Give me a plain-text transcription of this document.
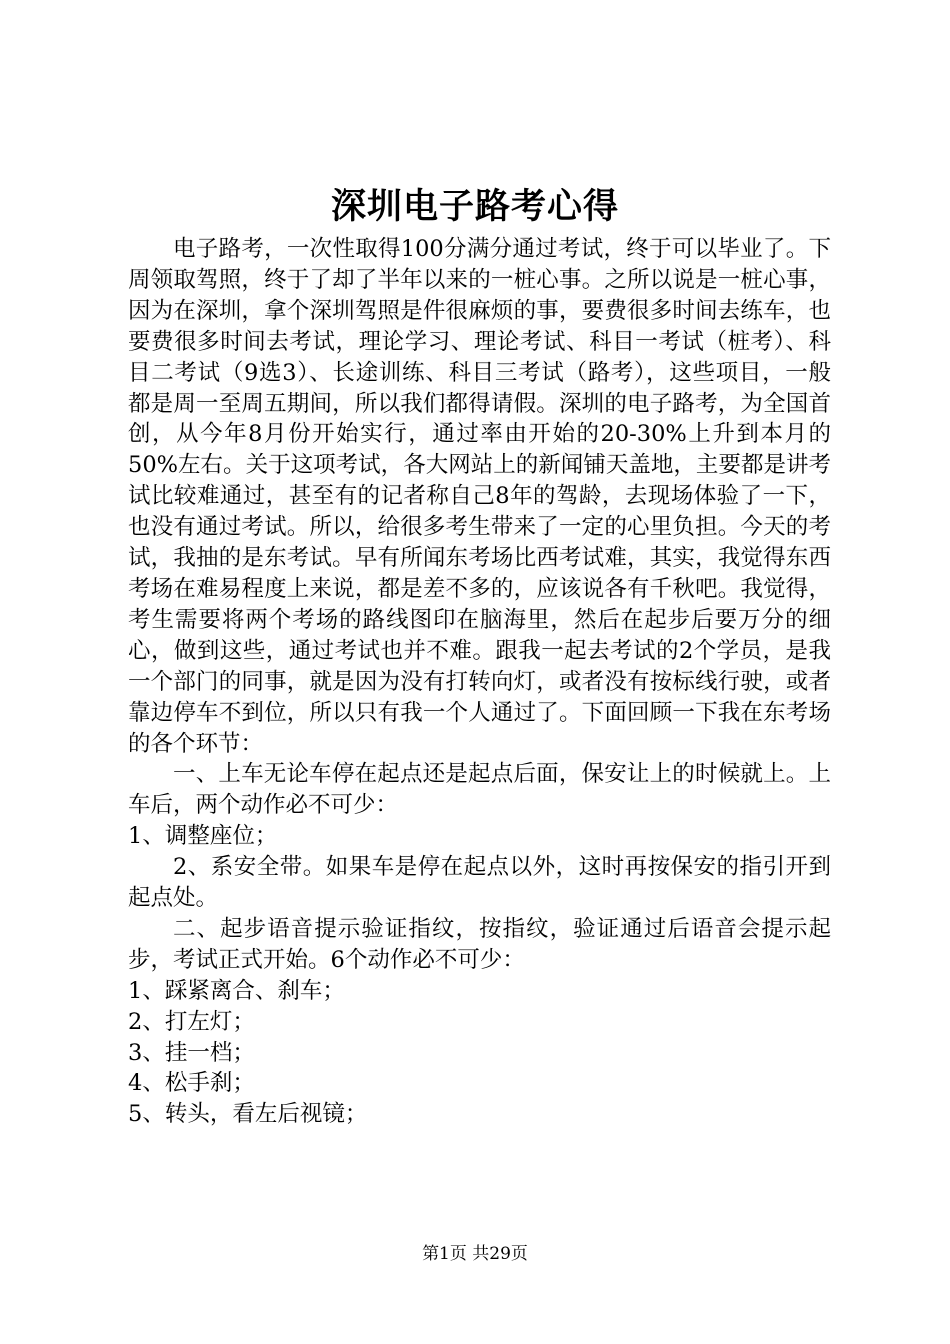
深圳电子路考心得

电子路考，一次性取得100分满分通过考试，终于可以毕业了。下周领取驾照，终于了却了半年以来的一桩心事。之所以说是一桩心事，因为在深圳，拿个深圳驾照是件很麻烦的事，要费很多时间去练车，也要费很多时间去考试，理论学习、理论考试、科目一考试（桩考）、科目二考试（9选3）、长途训练、科目三考试（路考），这些项目，一般都是周一至周五期间，所以我们都得请假。深圳的电子路考，为全国首创，从今年8月份开始实行，通过率由开始的20-30%上升到本月的50%左右。关于这项考试，各大网站上的新闻铺天盖地，主要都是讲考试比较难通过，甚至有的记者称自己8年的驾龄，去现场体验了一下，也没有通过考试。所以，给很多考生带来了一定的心里负担。今天的考试，我抽的是东考试。早有所闻东考场比西考试难，其实，我觉得东西考场在难易程度上来说，都是差不多的，应该说各有千秋吧。我觉得，考生需要将两个考场的路线图印在脑海里，然后在起步后要万分的细心，做到这些，通过考试也并不难。跟我一起去考试的2个学员，是我一个部门的同事，就是因为没有打转向灯，或者没有按标线行驶，或者靠边停车不到位，所以只有我一个人通过了。下面回顾一下我在东考场的各个环节：

一、上车无论车停在起点还是起点后面，保安让上的时候就上。上车后，两个动作必不可少：

1、调整座位；

2、系安全带。如果车是停在起点以外，这时再按保安的指引开到起点处。

二、起步语音提示验证指纹，按指纹，验证通过后语音会提示起步，考试正式开始。6个动作必不可少：

1、踩紧离合、刹车；

2、打左灯；

3、挂一档；

4、松手刹；

5、转头，看左后视镜；

第1页 共29页
